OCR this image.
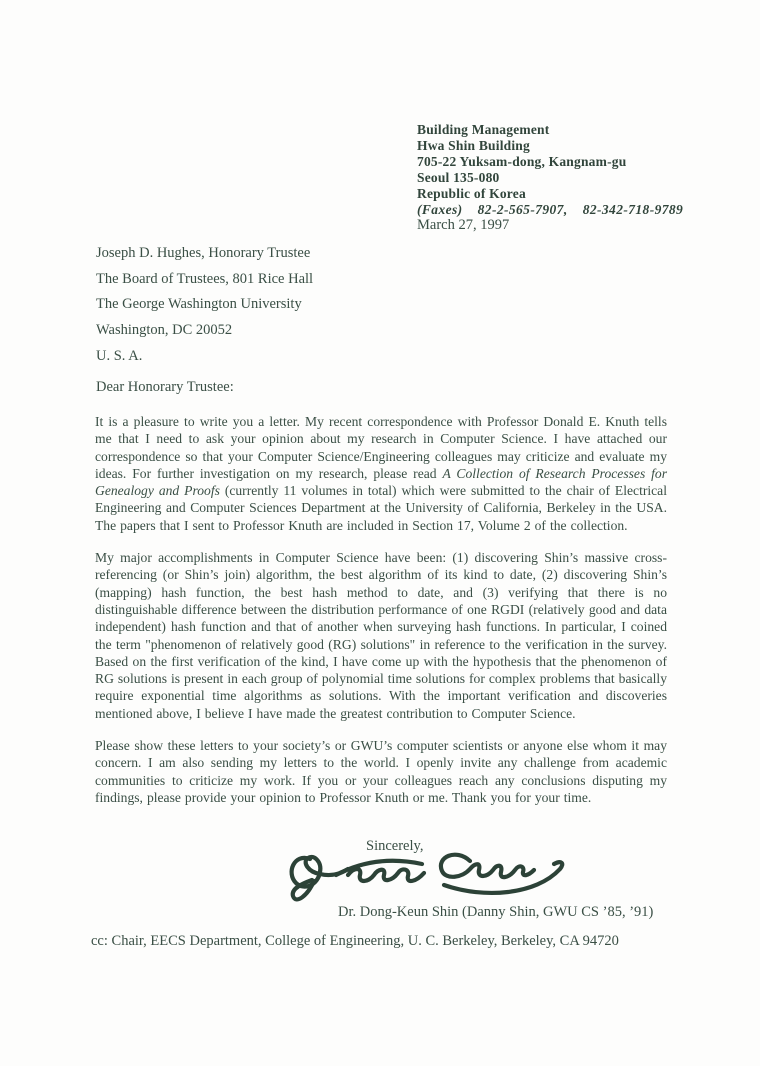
Building Management
Hwa Shin Building
705-22 Yuksam-dong, Kangnam-gu
Seoul 135-080
Republic of Korea
(Faxes)    82-2-565-7907,    82-342-718-9789
March 27, 1997
Joseph D. Hughes, Honorary Trustee
The Board of Trustees, 801 Rice Hall
The George Washington University
Washington, DC 20052
U. S. A.
Dear Honorary Trustee:

It is a pleasure to write you a letter. My recent correspondence with Professor Donald E. Knuth tells me that I need to ask your opinion about my research in Computer Science. I have attached our correspondence so that your Computer Science/Engineering colleagues may criticize and evaluate my ideas. For further investigation on my research, please read A Collection of Research Processes for Genealogy and Proofs (currently 11 volumes in total) which were submitted to the chair of Electrical Engineering and Computer Sciences Department at the University of California, Berkeley in the USA. The papers that I sent to Professor Knuth are included in Section 17, Volume 2 of the collection.

My major accomplishments in Computer Science have been: (1) discovering Shin’s massive cross-referencing (or Shin’s join) algorithm, the best algorithm of its kind to date, (2) discovering Shin’s (mapping) hash function, the best hash method to date, and (3) verifying that there is no distinguishable difference between the distribution performance of one RGDI (relatively good and data independent) hash function and that of another when surveying hash functions. In particular, I coined the term "phenomenon of relatively good (RG) solutions" in reference to the verification in the survey. Based on the first verification of the kind, I have come up with the hypothesis that the phenomenon of RG solutions is present in each group of polynomial time solutions for complex problems that basically require exponential time algorithms as solutions. With the important verification and discoveries mentioned above, I believe I have made the greatest contribution to Computer Science.

Please show these letters to your society’s or GWU’s computer scientists or anyone else whom it may concern. I am also sending my letters to the world. I openly invite any challenge from academic communities to criticize my work. If you or your colleagues reach any conclusions disputing my findings, please provide your opinion to Professor Knuth or me. Thank you for your time.

Sincerely,
Dr. Dong-Keun Shin (Danny Shin, GWU CS ’85, ’91)
cc: Chair, EECS Department, College of Engineering, U. C. Berkeley, Berkeley, CA 94720
